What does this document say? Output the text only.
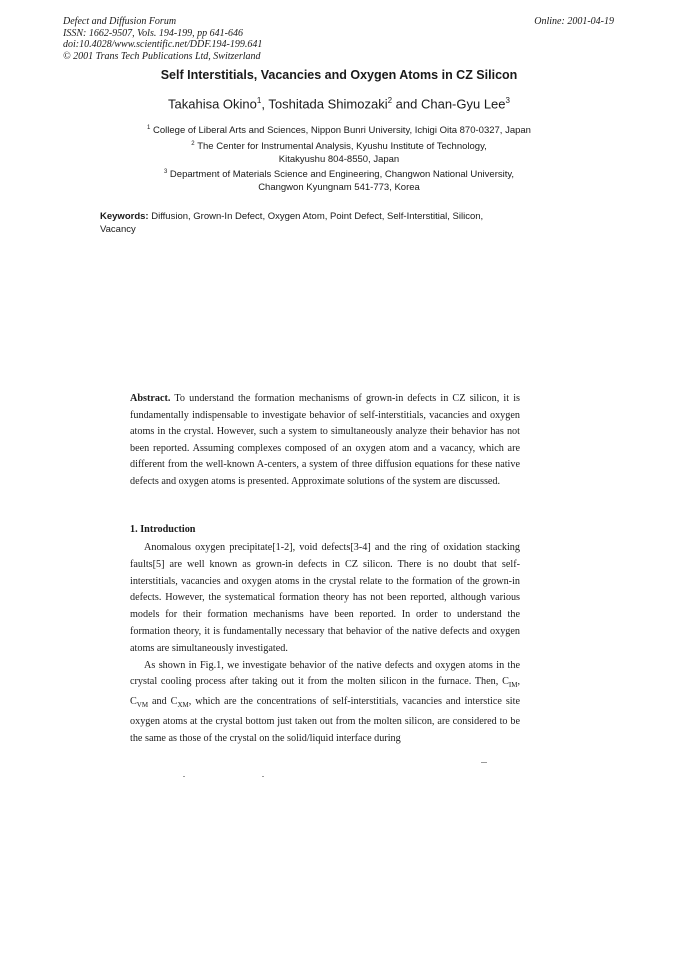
Defect and Diffusion Forum
ISSN: 1662-9507, Vols. 194-199, pp 641-646
doi:10.4028/www.scientific.net/DDF.194-199.641
© 2001 Trans Tech Publications Ltd, Switzerland
Online: 2001-04-19
Self Interstitials, Vacancies and Oxygen Atoms in CZ Silicon
Takahisa Okino$^1$, Toshitada Shimozaki$^2$ and Chan-Gyu Lee$^3$
$^1$ College of Liberal Arts and Sciences, Nippon Bunri University, Ichigi Oita 870-0327, Japan
$^2$ The Center for Instrumental Analysis, Kyushu Institute of Technology,
Kitakyushu 804-8550, Japan
$^3$ Department of Materials Science and Engineering, Changwon National University,
Changwon Kyungnam 541-773, Korea
Keywords: Diffusion, Grown-In Defect, Oxygen Atom, Point Defect, Self-Interstitial, Silicon, Vacancy
Abstract. To understand the formation mechanisms of grown-in defects in CZ silicon, it is fundamentally indispensable to investigate behavior of self-interstitials, vacancies and oxygen atoms in the crystal. However, such a system to simultaneously analyze their behavior has not been reported. Assuming complexes composed of an oxygen atom and a vacancy, which are different from the well-known A-centers, a system of three diffusion equations for these native defects and oxygen atoms is presented. Approximate solutions of the system are discussed.
1. Introduction

Anomalous oxygen precipitate[1-2], void defects[3-4] and the ring of oxidation stacking faults[5] are well known as grown-in defects in CZ silicon. There is no doubt that self-interstitials, vacancies and oxygen atoms in the crystal relate to the formation of the grown-in defects. However, the systematical formation theory has not been reported, although various models for their formation mechanisms have been reported. In order to understand the formation theory, it is fundamentally necessary that behavior of the native defects and oxygen atoms are simultaneously investigated.

As shown in Fig.1, we investigate behavior of the native defects and oxygen atoms in the crystal cooling process after taking out it from the molten silicon in the furnace. Then, $C_{IM}$, $C_{VM}$ and $C_{XM}$, which are the concentrations of self-interstitials, vacancies and interstice site oxygen atoms at the crystal bottom just taken out from the molten silicon, are considered to be the same as those of the crystal on the solid/liquid interface during
